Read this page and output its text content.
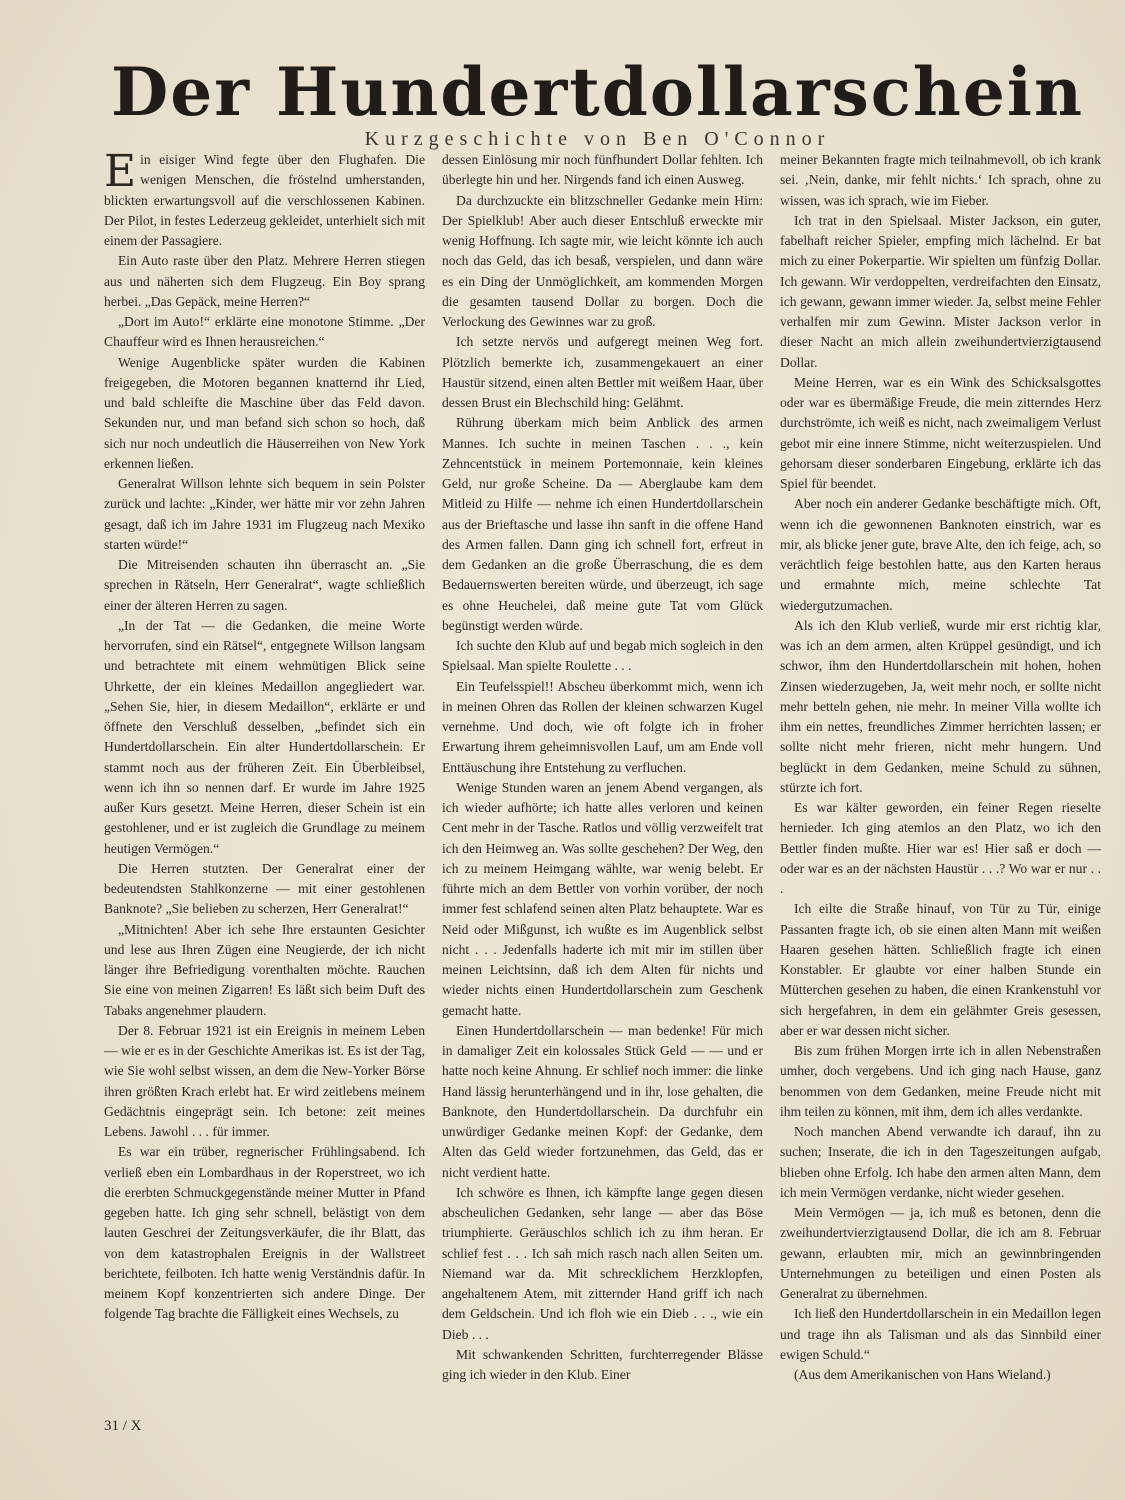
Der Hundertdollarschein
Kurzgeschichte von Ben O'Connor

Ein eisiger Wind fegte über den Flughafen. Die wenigen Menschen, die fröstelnd umherstanden, blickten erwartungsvoll auf die verschlossenen Kabinen. Der Pilot, in festes Lederzeug gekleidet, unterhielt sich mit einem der Passagiere.

Ein Auto raste über den Platz. Mehrere Herren stiegen aus und näherten sich dem Flugzeug. Ein Boy sprang herbei. „Das Gepäck, meine Herren?“

„Dort im Auto!“ erklärte eine monotone Stimme. „Der Chauffeur wird es Ihnen herausreichen.“

Wenige Augenblicke später wurden die Kabinen freigegeben, die Motoren begannen knatternd ihr Lied, und bald schleifte die Maschine über das Feld davon. Sekunden nur, und man befand sich schon so hoch, daß sich nur noch undeutlich die Häuserreihen von New York erkennen ließen.

Generalrat Willson lehnte sich bequem in sein Polster zurück und lachte: „Kinder, wer hätte mir vor zehn Jahren gesagt, daß ich im Jahre 1931 im Flugzeug nach Mexiko starten würde!“

Die Mitreisenden schauten ihn überrascht an. „Sie sprechen in Rätseln, Herr Generalrat“, wagte schließlich einer der älteren Herren zu sagen.

„In der Tat — die Gedanken, die meine Worte hervorrufen, sind ein Rätsel“, entgegnete Willson langsam und betrachtete mit einem wehmütigen Blick seine Uhrkette, der ein kleines Medaillon angegliedert war. „Sehen Sie, hier, in diesem Medaillon“, erklärte er und öffnete den Verschluß desselben, „befindet sich ein Hundertdollarschein. Ein alter Hundertdollarschein. Er stammt noch aus der früheren Zeit. Ein Überbleibsel, wenn ich ihn so nennen darf. Er wurde im Jahre 1925 außer Kurs gesetzt. Meine Herren, dieser Schein ist ein gestohlener, und er ist zugleich die Grundlage zu meinem heutigen Vermögen.“

Die Herren stutzten. Der Generalrat einer der bedeutendsten Stahlkonzerne — mit einer gestohlenen Banknote? „Sie belieben zu scherzen, Herr Generalrat!“

„Mitnichten! Aber ich sehe Ihre erstaunten Gesichter und lese aus Ihren Zügen eine Neugierde, der ich nicht länger ihre Befriedigung vorenthalten möchte. Rauchen Sie eine von meinen Zigarren! Es läßt sich beim Duft des Tabaks angenehmer plaudern.

Der 8. Februar 1921 ist ein Ereignis in meinem Leben — wie er es in der Geschichte Amerikas ist. Es ist der Tag, wie Sie wohl selbst wissen, an dem die New-Yorker Börse ihren größten Krach erlebt hat. Er wird zeitlebens meinem Gedächtnis eingeprägt sein. Ich betone: zeit meines Lebens. Jawohl . . . für immer.

Es war ein trüber, regnerischer Frühlingsabend. Ich verließ eben ein Lombardhaus in der Roperstreet, wo ich die ererbten Schmuckgegenstände meiner Mutter in Pfand gegeben hatte. Ich ging sehr schnell, belästigt von dem lauten Geschrei der Zeitungsverkäufer, die ihr Blatt, das von dem katastrophalen Ereignis in der Wallstreet berichtete, feilboten. Ich hatte wenig Verständnis dafür. In meinem Kopf konzentrierten sich andere Dinge. Der folgende Tag brachte die Fälligkeit eines Wechsels, zu

dessen Einlösung mir noch fünfhundert Dollar fehlten. Ich überlegte hin und her. Nirgends fand ich einen Ausweg.

Da durchzuckte ein blitzschneller Gedanke mein Hirn: Der Spielklub! Aber auch dieser Entschluß erweckte mir wenig Hoffnung. Ich sagte mir, wie leicht könnte ich auch noch das Geld, das ich besaß, verspielen, und dann wäre es ein Ding der Unmöglichkeit, am kommenden Morgen die gesamten tausend Dollar zu borgen. Doch die Verlockung des Gewinnes war zu groß.

Ich setzte nervös und aufgeregt meinen Weg fort. Plötzlich bemerkte ich, zusammengekauert an einer Haustür sitzend, einen alten Bettler mit weißem Haar, über dessen Brust ein Blechschild hing: Gelähmt.

Rührung überkam mich beim Anblick des armen Mannes. Ich suchte in meinen Taschen . . ., kein Zehncentstück in meinem Portemonnaie, kein kleines Geld, nur große Scheine. Da — Aberglaube kam dem Mitleid zu Hilfe — nehme ich einen Hundertdollarschein aus der Brieftasche und lasse ihn sanft in die offene Hand des Armen fallen. Dann ging ich schnell fort, erfreut in dem Gedanken an die große Überraschung, die es dem Bedauernswerten bereiten würde, und überzeugt, ich sage es ohne Heuchelei, daß meine gute Tat vom Glück begünstigt werden würde.

Ich suchte den Klub auf und begab mich sogleich in den Spielsaal. Man spielte Roulette . . .

Ein Teufelsspiel!! Abscheu überkommt mich, wenn ich in meinen Ohren das Rollen der kleinen schwarzen Kugel vernehme. Und doch, wie oft folgte ich in froher Erwartung ihrem geheimnisvollen Lauf, um am Ende voll Enttäuschung ihre Entstehung zu verfluchen.

Wenige Stunden waren an jenem Abend vergangen, als ich wieder aufhörte; ich hatte alles verloren und keinen Cent mehr in der Tasche. Ratlos und völlig verzweifelt trat ich den Heimweg an. Was sollte geschehen? Der Weg, den ich zu meinem Heimgang wählte, war wenig belebt. Er führte mich an dem Bettler von vorhin vorüber, der noch immer fest schlafend seinen alten Platz behauptete. War es Neid oder Mißgunst, ich wußte es im Augenblick selbst nicht . . . Jedenfalls haderte ich mit mir im stillen über meinen Leichtsinn, daß ich dem Alten für nichts und wieder nichts einen Hundertdollarschein zum Geschenk gemacht hatte.

Einen Hundertdollarschein — man bedenke! Für mich in damaliger Zeit ein kolossales Stück Geld — — und er hatte noch keine Ahnung. Er schlief noch immer: die linke Hand lässig herunterhängend und in ihr, lose gehalten, die Banknote, den Hundertdollarschein. Da durchfuhr ein unwürdiger Gedanke meinen Kopf: der Gedanke, dem Alten das Geld wieder fortzunehmen, das Geld, das er nicht verdient hatte.

Ich schwöre es Ihnen, ich kämpfte lange gegen diesen abscheulichen Gedanken, sehr lange — aber das Böse triumphierte. Geräuschlos schlich ich zu ihm heran. Er schlief fest . . . Ich sah mich rasch nach allen Seiten um. Niemand war da. Mit schrecklichem Herzklopfen, angehaltenem Atem, mit zitternder Hand griff ich nach dem Geldschein. Und ich floh wie ein Dieb . . ., wie ein Dieb . . .

Mit schwankenden Schritten, furchterregender Blässe ging ich wieder in den Klub. Einer

meiner Bekannten fragte mich teilnahmevoll, ob ich krank sei. ‚Nein, danke, mir fehlt nichts.‘ Ich sprach, ohne zu wissen, was ich sprach, wie im Fieber.

Ich trat in den Spielsaal. Mister Jackson, ein guter, fabelhaft reicher Spieler, empfing mich lächelnd. Er bat mich zu einer Pokerpartie. Wir spielten um fünfzig Dollar. Ich gewann. Wir verdoppelten, verdreifachten den Einsatz, ich gewann, gewann immer wieder. Ja, selbst meine Fehler verhalfen mir zum Gewinn. Mister Jackson verlor in dieser Nacht an mich allein zweihundertvierzigtausend Dollar.

Meine Herren, war es ein Wink des Schicksalsgottes oder war es übermäßige Freude, die mein zitterndes Herz durchströmte, ich weiß es nicht, nach zweimaligem Verlust gebot mir eine innere Stimme, nicht weiterzuspielen. Und gehorsam dieser sonderbaren Eingebung, erklärte ich das Spiel für beendet.

Aber noch ein anderer Gedanke beschäftigte mich. Oft, wenn ich die gewonnenen Banknoten einstrich, war es mir, als blicke jener gute, brave Alte, den ich feige, ach, so verächtlich feige bestohlen hatte, aus den Karten heraus und ermahnte mich, meine schlechte Tat wiedergutzumachen.

Als ich den Klub verließ, wurde mir erst richtig klar, was ich an dem armen, alten Krüppel gesündigt, und ich schwor, ihm den Hundertdollarschein mit hohen, hohen Zinsen wiederzugeben, Ja, weit mehr noch, er sollte nicht mehr betteln gehen, nie mehr. In meiner Villa wollte ich ihm ein nettes, freundliches Zimmer herrichten lassen; er sollte nicht mehr frieren, nicht mehr hungern. Und beglückt in dem Gedanken, meine Schuld zu sühnen, stürzte ich fort.

Es war kälter geworden, ein feiner Regen rieselte hernieder. Ich ging atemlos an den Platz, wo ich den Bettler finden mußte. Hier war es! Hier saß er doch — oder war es an der nächsten Haustür . . .? Wo war er nur . . .

Ich eilte die Straße hinauf, von Tür zu Tür, einige Passanten fragte ich, ob sie einen alten Mann mit weißen Haaren gesehen hätten. Schließlich fragte ich einen Konstabler. Er glaubte vor einer halben Stunde ein Mütterchen gesehen zu haben, die einen Krankenstuhl vor sich hergefahren, in dem ein gelähmter Greis gesessen, aber er war dessen nicht sicher.

Bis zum frühen Morgen irrte ich in allen Nebenstraßen umher, doch vergebens. Und ich ging nach Hause, ganz benommen von dem Gedanken, meine Freude nicht mit ihm teilen zu können, mit ihm, dem ich alles verdankte.

Noch manchen Abend verwandte ich darauf, ihn zu suchen; Inserate, die ich in den Tageszeitungen aufgab, blieben ohne Erfolg. Ich habe den armen alten Mann, dem ich mein Vermögen verdanke, nicht wieder gesehen.

Mein Vermögen — ja, ich muß es betonen, denn die zweihundertvierzigtausend Dollar, die ich am 8. Februar gewann, erlaubten mir, mich an gewinnbringenden Unternehmungen zu beteiligen und einen Posten als Generalrat zu übernehmen.

Ich ließ den Hundertdollarschein in ein Medaillon legen und trage ihn als Talisman und als das Sinnbild einer ewigen Schuld.“

(Aus dem Amerikanischen von Hans Wieland.)

31 / X
